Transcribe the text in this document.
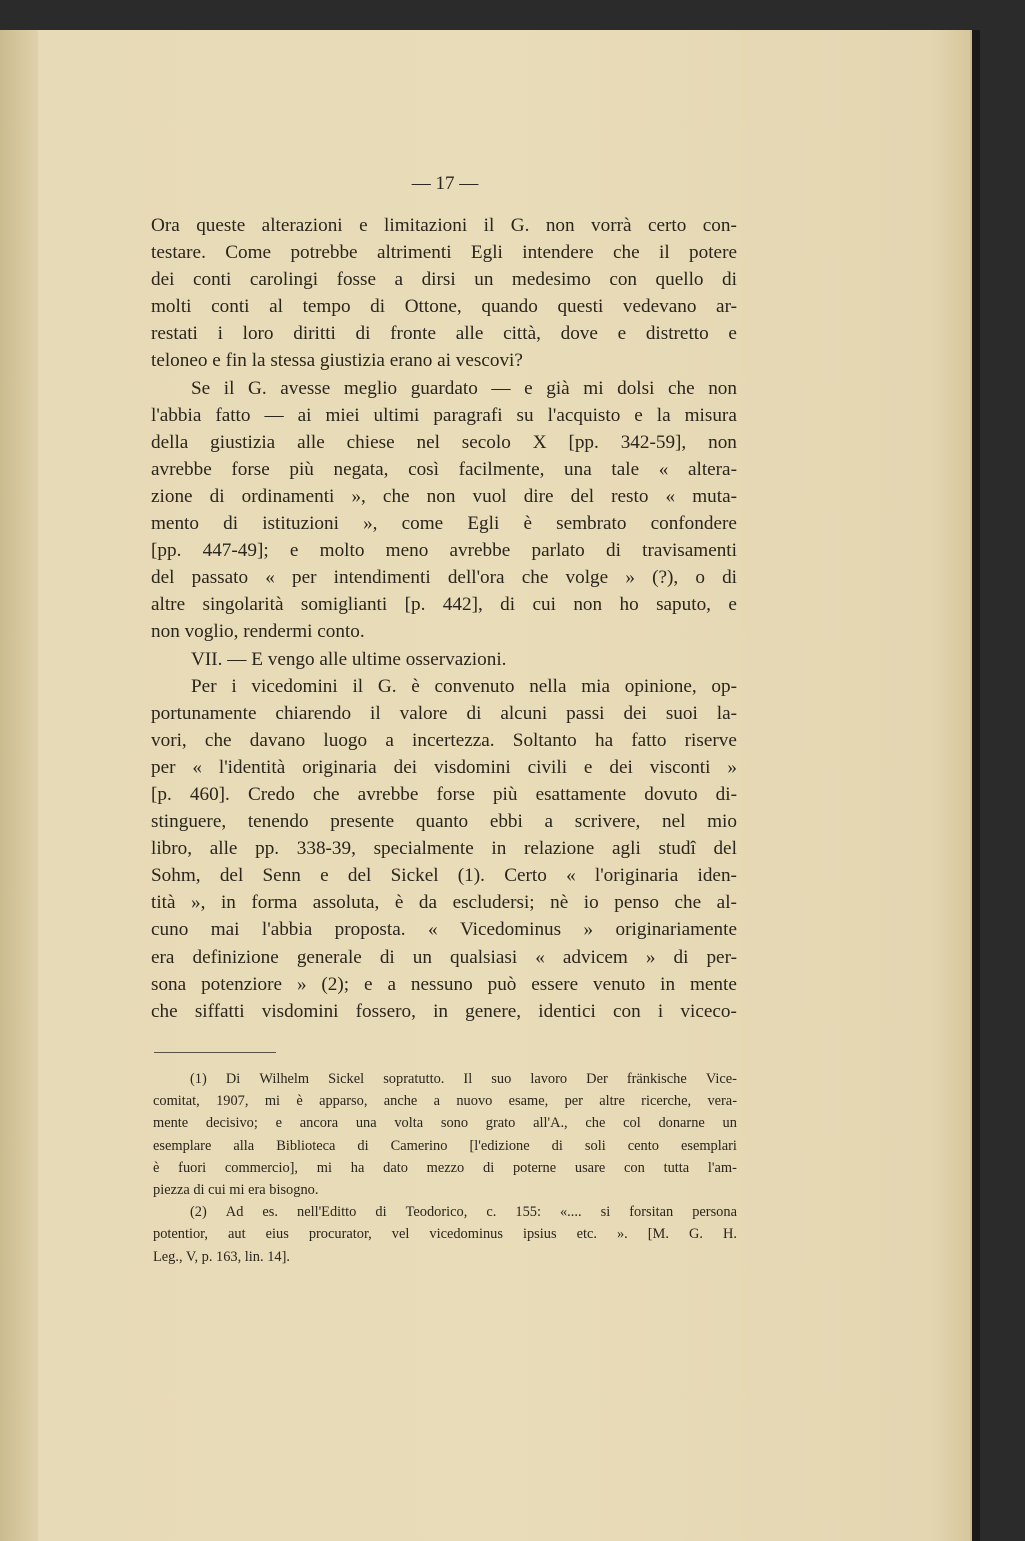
— 17 —
Ora queste alterazioni e limitazioni il G. non vorrà certo con-
testare. Come potrebbe altrimenti Egli intendere che il potere
dei conti carolingi fosse a dirsi un medesimo con quello di
molti conti al tempo di Ottone, quando questi vedevano ar-
restati i loro diritti di fronte alle città, dove e distretto e
teloneo e fin la stessa giustizia erano ai vescovi?
Se il G. avesse meglio guardato — e già mi dolsi che non
l'abbia fatto — ai miei ultimi paragrafi su l'acquisto e la misura
della giustizia alle chiese nel secolo X [pp. 342-59], non
avrebbe forse più negata, così facilmente, una tale « altera-
zione di ordinamenti », che non vuol dire del resto « muta-
mento di istituzioni », come Egli è sembrato confondere
[pp. 447-49]; e molto meno avrebbe parlato di travisamenti
del passato « per intendimenti dell'ora che volge » (?), o di
altre singolarità somiglianti [p. 442], di cui non ho saputo, e
non voglio, rendermi conto.
VII. — E vengo alle ultime osservazioni.
Per i vicedomini il G. è convenuto nella mia opinione, op-
portunamente chiarendo il valore di alcuni passi dei suoi la-
vori, che davano luogo a incertezza. Soltanto ha fatto riserve
per « l'identità originaria dei visdomini civili e dei visconti »
[p. 460]. Credo che avrebbe forse più esattamente dovuto di-
stinguere, tenendo presente quanto ebbi a scrivere, nel mio
libro, alle pp. 338-39, specialmente in relazione agli studî del
Sohm, del Senn e del Sickel (1). Certo « l'originaria iden-
tità », in forma assoluta, è da escludersi; nè io penso che al-
cuno mai l'abbia proposta. « Vicedominus » originariamente
era definizione generale di un qualsiasi « advicem » di per-
sona potenziore » (2); e a nessuno può essere venuto in mente
che siffatti visdomini fossero, in genere, identici con i viceco-
(1) Di Wilhelm Sickel sopratutto. Il suo lavoro Der fränkische Vice-
comitat, 1907, mi è apparso, anche a nuovo esame, per altre ricerche, vera-
mente decisivo; e ancora una volta sono grato all'A., che col donarne un
esemplare alla Biblioteca di Camerino [l'edizione di soli cento esemplari
è fuori commercio], mi ha dato mezzo di poterne usare con tutta l'am-
piezza di cui mi era bisogno.
(2) Ad es. nell'Editto di Teodorico, c. 155: «.... si forsitan persona
potentior, aut eius procurator, vel vicedominus ipsius etc. ». [M. G. H.
Leg., V, p. 163, lin. 14].
